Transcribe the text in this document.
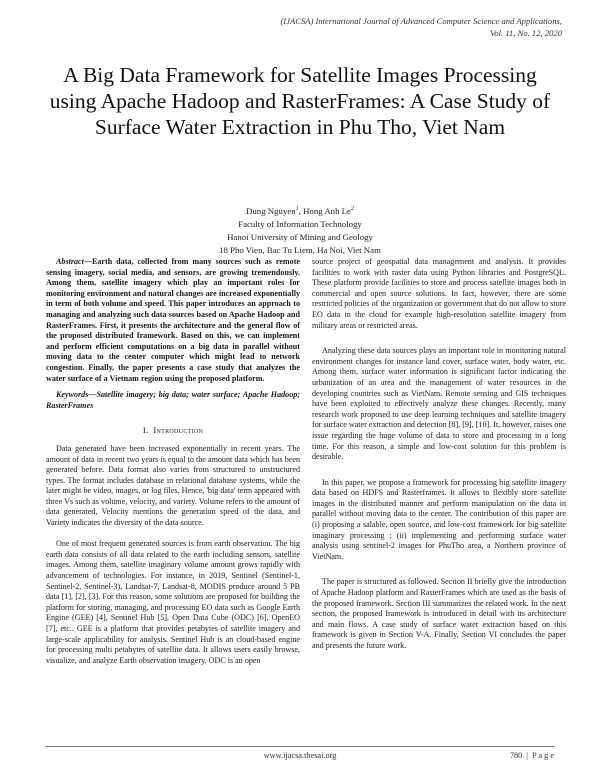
(IJACSA) International Journal of Advanced Computer Science and Applications,
Vol. 11, No. 12, 2020
A Big Data Framework for Satellite Images Processing using Apache Hadoop and RasterFrames: A Case Study of Surface Water Extraction in Phu Tho, Viet Nam
Dung Nguyen$^1$, Hong Anh Le$^2$
Faculty of Information Technology
Hanoi University of Mining and Geology
18 Pho Vien, Bac Tu Liem, Ha Noi, Viet Nam

Abstract—Earth data, collected from many sources such as remote sensing imagery, social media, and sensors, are growing tremendously. Among them, satellite imagery which play an important roles for monitoring environment and natural changes are increased exponentially in term of both volume and speed. This paper introduces an approach to managing and analyzing such data sources based on Apache Hadoop and RasterFrames. First, it presents the architecture and the general flow of the proposed distributed framework. Based on this, we can implement and perform efficient computations on a big data in parallel without moving data to the center computer which might lead to network congestion. Finally, the paper presents a case study that analyzes the water surface of a Vietnam region using the proposed platform.

Keywords—Satellite imagery; big data; water surface; Apache Hadoop; RasterFrames

I. Introduction

Data generated have been increased exponentially in recent years. The amount of data in recent two years is equal to the amount data which has been generated before. Data format also varies from structured to unstructured types. The format includes database in relational database systems, while the later might be video, images, or log files. Hence, 'big data' term appeared with three Vs such as volume, velocity, and variety. Volume refers to the amount of data generated, Velocity mentions the generation speed of the data, and Variety indicates the diversity of the data source.

One of most frequent generated sources is from earth observation. The big earth data consists of all data related to the earth including sensors, satellite images. Among them, satellite imaginary volume amount grows rapidly with advancement of technologies. For instance, in 2019, Sentinel (Sentinel-1, Sentinel-2, Sentinel-3), Landsat-7, Landsat-8, MODIS produce around 5 PB data [1], [2], [3]. For this reason, some solutions are proposed for building the platform for storing, managing, and processing EO data such as Google Earth Engine (GEE) [4], Sentinel Hub [5], Open Data Cube (ODC) [6], OpenEO [7], etc.. GEE is a platform that provides petabytes of satellite imagery and large-scale applicability for analysis. Sentinel Hub is an cloud-based engine for processing multi petabytes of satellite data. It allows users easily browse, visualize, and analyze Earth observation imagery. ODC is an open

source project of geospatial data management and analysis. It provides facilities to work with raster data using Python libraries and PostgreSQL. These platform provide facilities to store and process satellite images both in commercial and open source solutions. In fact, however, there are some restricted policies of the organization or government that do not allow to store EO data in the cloud for example high-resolution satellite imagery from military areas or restricted areas.

Analyzing these data sources plays an important role in monitoring natural environment changes for instance land cover, surface water, body water, etc. Among them, surface water information is significant factor indicating the urbanization of an area and the management of water resources in the developing countries such as VietNam. Remote sensing and GIS techniques have been exploited to effectively analyze these changes. Recently, many research work proposed to use deep learning techniques and satellite imagery for surface water extraction and detection [8], [9], [10]. It, however, raises one issue regarding the huge volume of data to store and processing in a long time. For this reason, a simple and low-cost solution for this problem is desirable.

In this paper, we propose a framework for processing big satellite imagery data based on HDFS and Rasterframes. It allows to flexibly store satellite images in the distributed manner and perform manipulation on the data in parallel without moving data to the center. The contribution of this paper are (i) proposing a salable, open source, and low-cost framework for big satellite imaginary processing ; (ii) implementing and performing surface water analysis using sentinel-2 images for PhuTho area, a Northern province of VietNam.

The paper is structured as followed. Section II briefly give the introduction of Apache Hadoop platform and RasterFrames which are used as the basis of the proposed framework. Section III summarizes the related work. In the next section, the proposed framework is introduced in detail with its architecture and main flows. A case study of surface water extraction based on this framework is given in Section V-A. Finally, Section VI concludes the paper and presents the future work.

www.ijacsa.thesai.org	780 | P a g e
